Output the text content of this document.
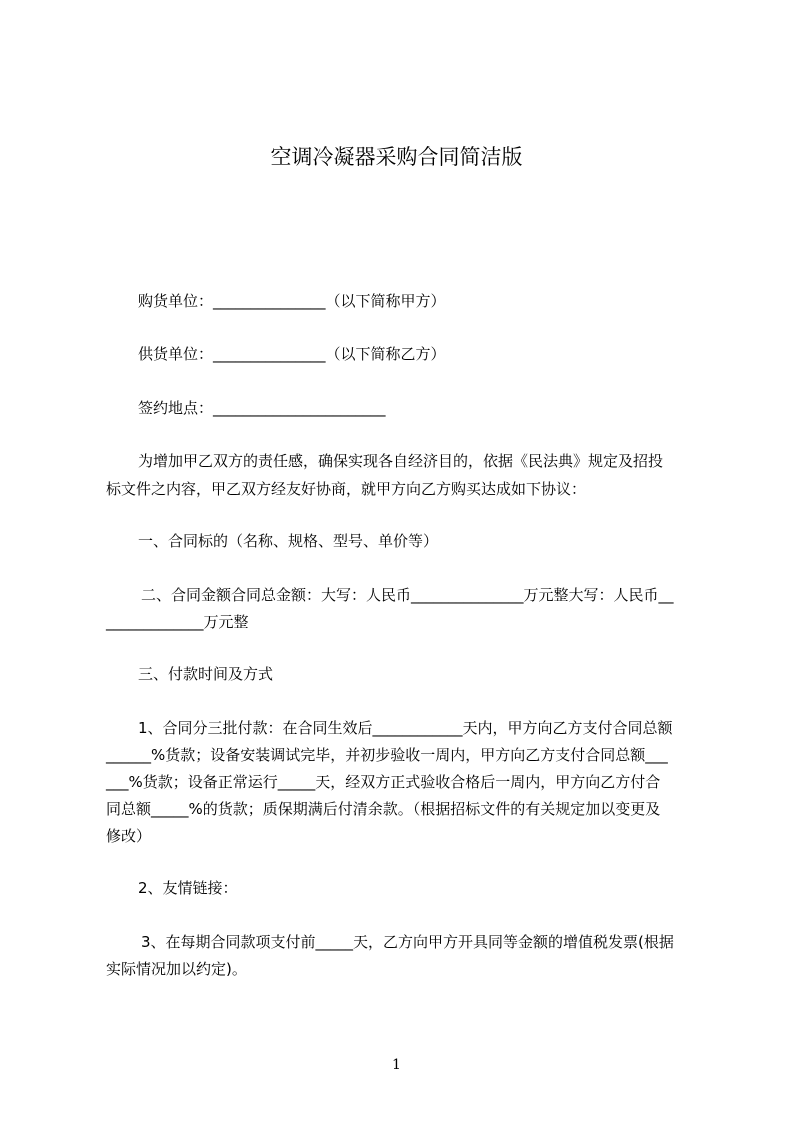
空调冷凝器采购合同简洁版
购货单位：_______________（以下简称甲方）
供货单位：_______________（以下简称乙方）
签约地点：_______________________
为增加甲乙双方的责任感，确保实现各自经济目的，依据《民法典》规定及招投
标文件之内容，甲乙双方经友好协商，就甲方向乙方购买达成如下协议：
一、合同标的（名称、规格、型号、单价等）
二、合同金额合同总金额：大写：人民币_______________万元整大写：人民币__
_____________万元整
三、付款时间及方式
1、合同分三批付款：在合同生效后____________天内，甲方向乙方支付合同总额
______%货款；设备安装调试完毕，并初步验收一周内，甲方向乙方支付合同总额___
___%货款；设备正常运行_____天，经双方正式验收合格后一周内，甲方向乙方付合
同总额_____%的货款；质保期满后付清余款。（根据招标文件的有关规定加以变更及
修改）
2、友情链接：
3、在每期合同款项支付前_____天，乙方向甲方开具同等金额的增值税发票(根据
实际情况加以约定)。
1
